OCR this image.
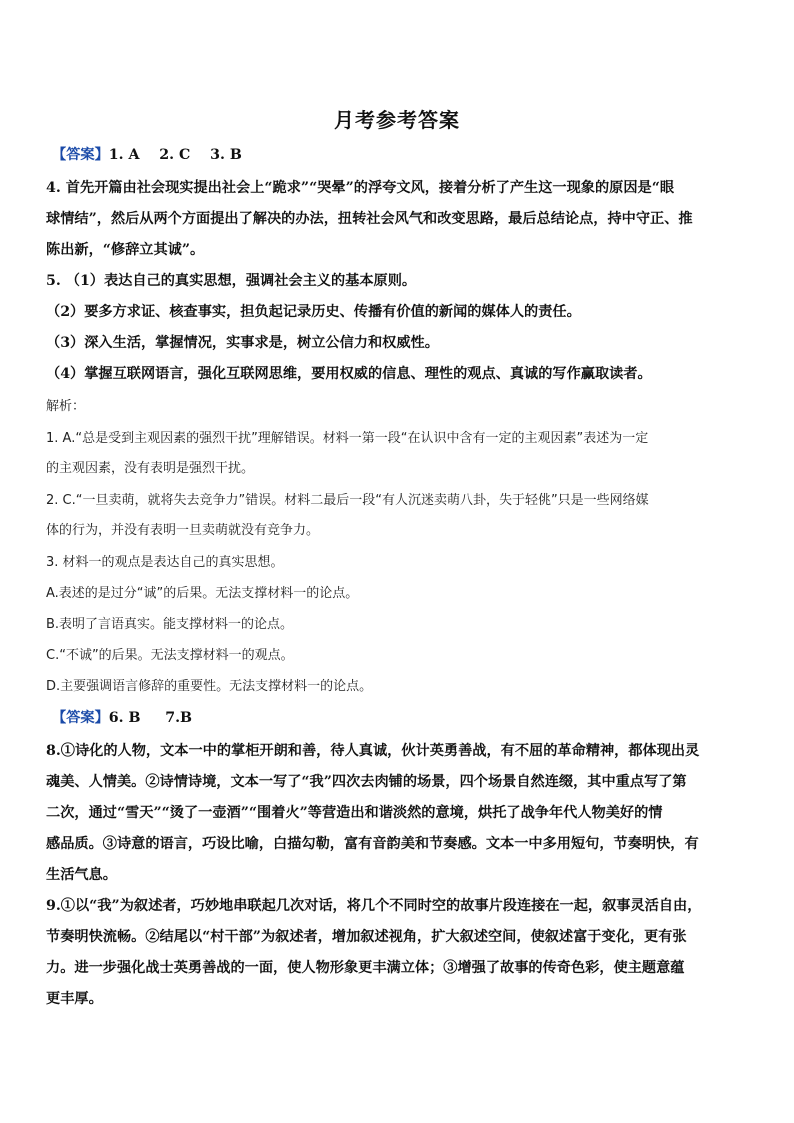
月考参考答案
【答案】1. A    2. C    3. B
4. 首先开篇由社会现实提出社会上“跪求”“哭晕”的浮夸文风，接着分析了产生这一现象的原因是“眼
球情结”，然后从两个方面提出了解决的办法，扭转社会风气和改变思路，最后总结论点，持中守正、推
陈出新，“修辞立其诚”。
5. （1）表达自己的真实思想，强调社会主义的基本原则。
（2）要多方求证、核查事实，担负起记录历史、传播有价值的新闻的媒体人的责任。
（3）深入生活，掌握情况，实事求是，树立公信力和权威性。
（4）掌握互联网语言，强化互联网思维，要用权威的信息、理性的观点、真诚的写作赢取读者。
解析：
1. A.“总是受到主观因素的强烈干扰”理解错误。材料一第一段“在认识中含有一定的主观因素”表述为一定
的主观因素，没有表明是强烈干扰。
2. C.“一旦卖萌，就将失去竞争力”错误。材料二最后一段“有人沉迷卖萌八卦，失于轻佻”只是一些网络媒
体的行为，并没有表明一旦卖萌就没有竞争力。
3. 材料一的观点是表达自己的真实思想。
A.表述的是过分“诚”的后果。无法支撑材料一的论点。
B.表明了言语真实。能支撑材料一的论点。
C.“不诚”的后果。无法支撑材料一的观点。
D.主要强调语言修辞的重要性。无法支撑材料一的论点。
【答案】6. B     7.B
8.①诗化的人物，文本一中的掌柜开朗和善，待人真诚，伙计英勇善战，有不屈的革命精神，都体现出灵
魂美、人情美。②诗情诗境，文本一写了“我”四次去肉铺的场景，四个场景自然连缀，其中重点写了第
二次，通过“雪天”“烫了一壶酒”“围着火”等营造出和谐淡然的意境，烘托了战争年代人物美好的情
感品质。③诗意的语言，巧设比喻，白描勾勒，富有音韵美和节奏感。文本一中多用短句，节奏明快，有
生活气息。
9.①以“我”为叙述者，巧妙地串联起几次对话，将几个不同时空的故事片段连接在一起，叙事灵活自由，
节奏明快流畅。②结尾以“村干部”为叙述者，增加叙述视角，扩大叙述空间，使叙述富于变化，更有张
力。进一步强化战士英勇善战的一面，使人物形象更丰满立体；③增强了故事的传奇色彩，使主题意蕴
更丰厚。
